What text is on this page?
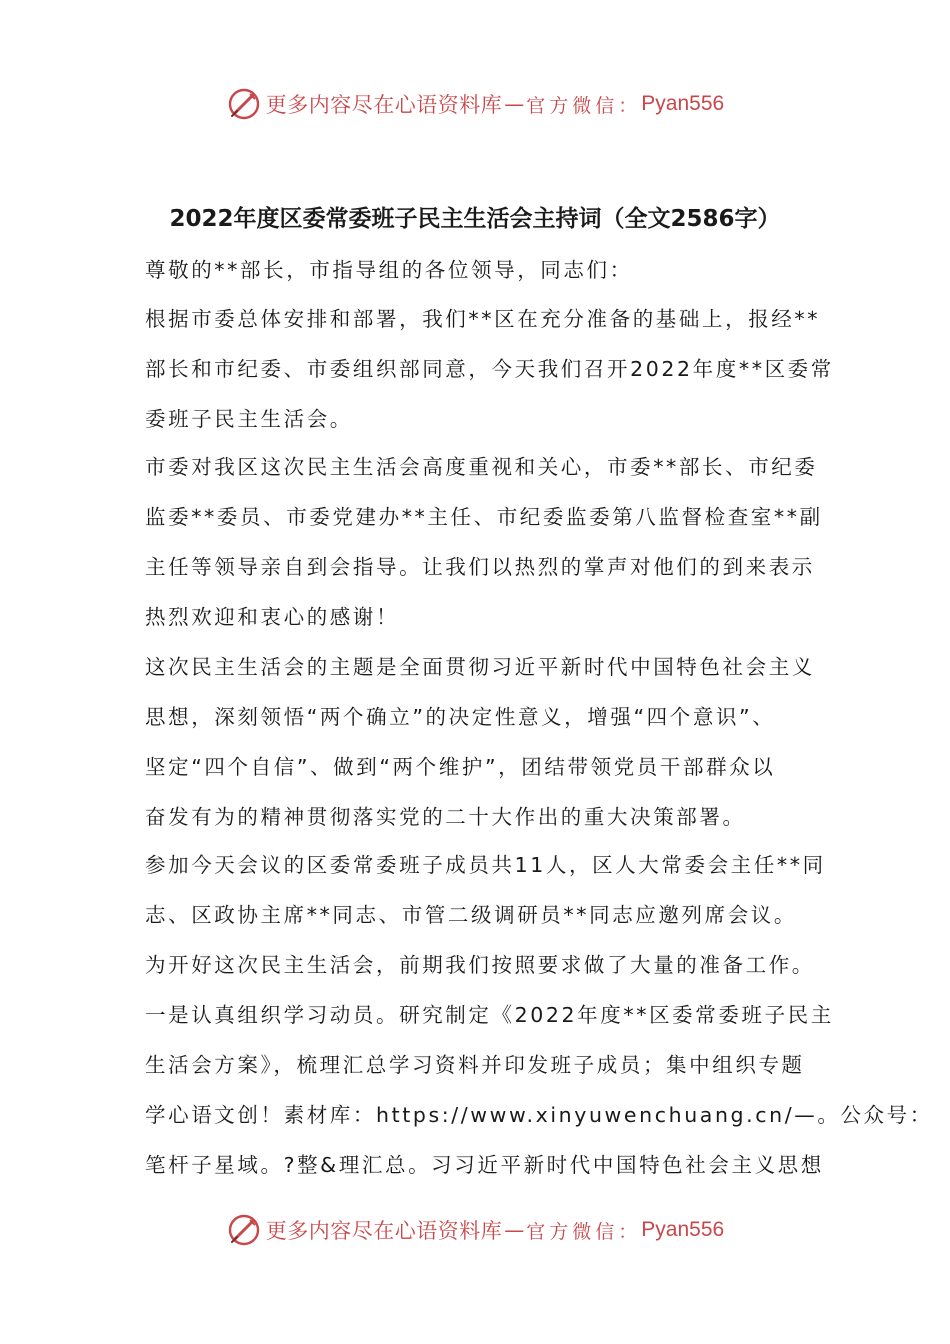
更多内容尽在心语资料库 — 官方微信： Pyan556
2022年度区委常委班子民主生活会主持词（全文2586字）

尊敬的**部长，市指导组的各位领导，同志们：

根据市委总体安排和部署，我们**区在充分准备的基础上，报经**
部长和市纪委、市委组织部同意，今天我们召开2022年度**区委常
委班子民主生活会。

市委对我区这次民主生活会高度重视和关心，市委**部长、市纪委
监委**委员、市委党建办**主任、市纪委监委第八监督检查室**副
主任等领导亲自到会指导。让我们以热烈的掌声对他们的到来表示
热烈欢迎和衷心的感谢！

这次民主生活会的主题是全面贯彻习近平新时代中国特色社会主义
思想，深刻领悟“两个确立”的决定性意义，增强“四个意识”、
坚定“四个自信”、做到“两个维护”，团结带领党员干部群众以
奋发有为的精神贯彻落实党的二十大作出的重大决策部署。

参加今天会议的区委常委班子成员共11人，区人大常委会主任**同
志、区政协主席**同志、市管二级调研员**同志应邀列席会议。

为开好这次民主生活会，前期我们按照要求做了大量的准备工作。

一是认真组织学习动员。研究制定《2022年度**区委常委班子民主
生活会方案》，梳理汇总学习资料并印发班子成员；集中组织专题
学心语文创！素材库：https://www.xinyuwenchuang.cn/—。公众号：
笔杆子星域。?整&理汇总。习习近平新时代中国特色社会主义思想

更多内容尽在心语资料库 — 官方微信： Pyan556
